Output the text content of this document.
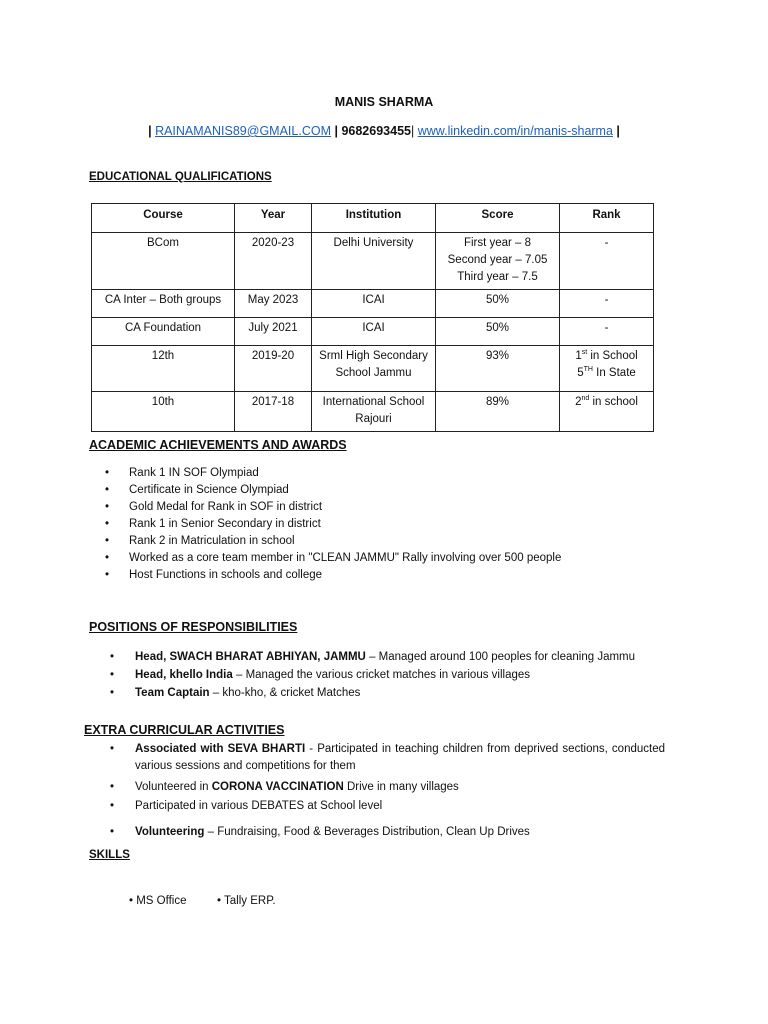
MANIS SHARMA
| RAINAMANIS89@GMAIL.COM | 9682693455| www.linkedin.com/in/manis-sharma |
EDUCATIONAL QUALIFICATIONS
Course	Year	Institution	Score	Rank
BCom	2020-23	Delhi University	First year – 8
Second year – 7.05
Third year – 7.5	-
CA Inter – Both groups	May 2023	ICAI	50%	-
CA Foundation	July 2021	ICAI	50%	-
12th	2019-20	Srml High Secondary School Jammu	93%	1st in School
5TH In State

10th	2017-18	International School Rajouri	89%	2nd in school
ACADEMIC ACHIEVEMENTS AND AWARDS
• Rank 1 IN SOF Olympiad
• Certificate in Science Olympiad
• Gold Medal for Rank in SOF in district
• Rank 1 in Senior Secondary in district
• Rank 2 in Matriculation in school
• Worked as a core team member in "CLEAN JAMMU" Rally involving over 500 people
• Host Functions in schools and college
POSITIONS OF RESPONSIBILITIES
• Head, SWACH BHARAT ABHIYAN, JAMMU – Managed around 100 peoples for cleaning Jammu
• Head, khello India – Managed the various cricket matches in various villages
• Team Captain – kho-kho, & cricket Matches
EXTRA CURRICULAR ACTIVITIES
• Associated with SEVA BHARTI - Participated in teaching children from deprived sections, conducted various sessions and competitions for them
• Volunteered in CORONA VACCINATION Drive in many villages
• Participated in various DEBATES at School level
• Volunteering – Fundraising, Food & Beverages Distribution, Clean Up Drives
SKILLS
• MS Office	• Tally ERP.
